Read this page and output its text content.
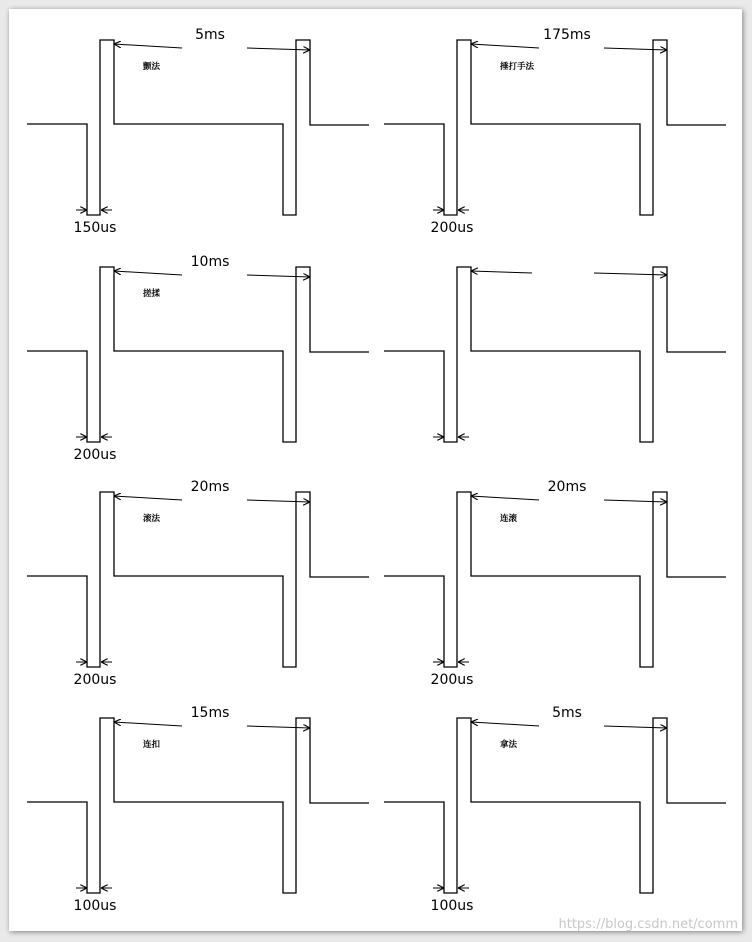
5ms
颤法
150us
175ms
捶打手法
200us
10ms
搓揉
200us
20ms
滚法
200us
20ms
连滚
200us
15ms
连扣
100us
5ms
拿法
100us
https://blog.csdn.net/comm
